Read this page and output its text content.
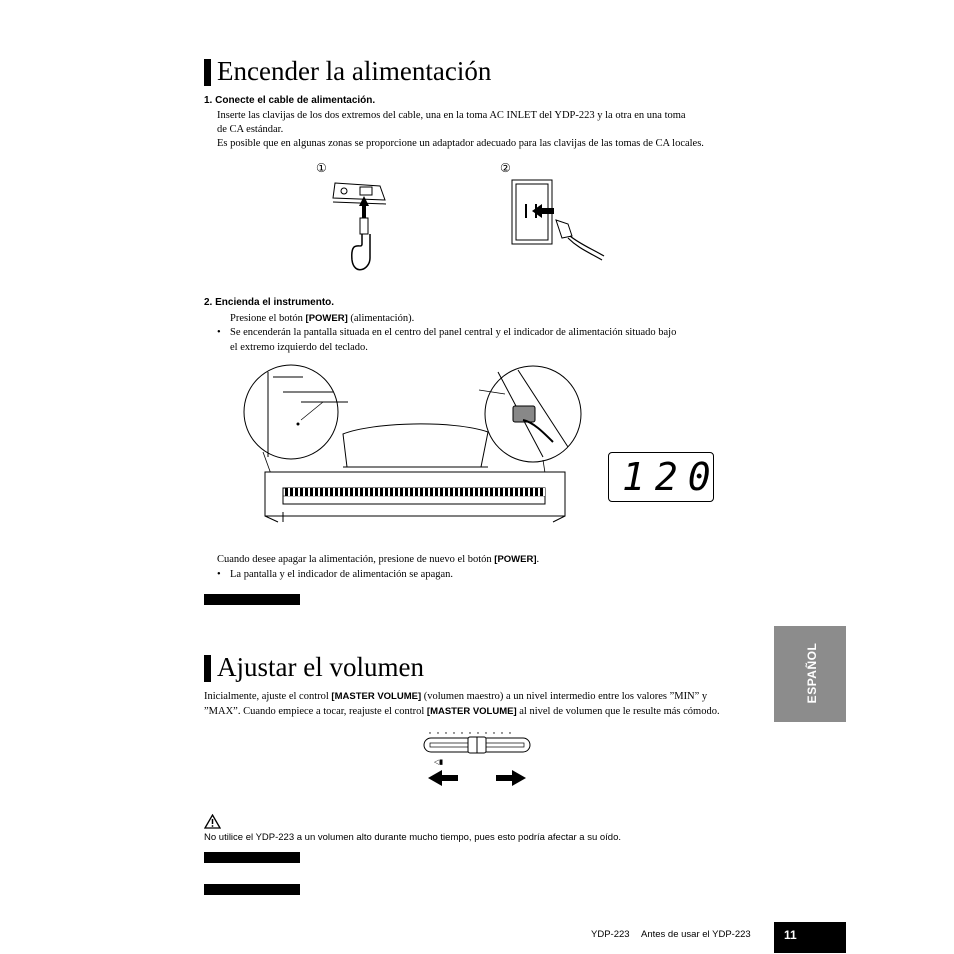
Encender la alimentación
1. Conecte el cable de alimentación.
Inserte las clavijas de los dos extremos del cable, una en la toma AC INLET del YDP-223 y la otra en una toma
de CA estándar.
Es posible que en algunas zonas se proporcione un adaptador adecuado para las clavijas de las tomas de CA locales.
①	②
2. Encienda el instrumento.
Presione el botón [POWER] (alimentación).
• Se encenderán la pantalla situada en el centro del panel central y el indicador de alimentación situado bajo
el extremo izquierdo del teclado.
120
Cuando desee apagar la alimentación, presione de nuevo el botón [POWER].
• La pantalla y el indicador de alimentación se apagan.
Ajustar el volumen
Inicialmente, ajuste el control [MASTER VOLUME] (volumen maestro) a un nivel intermedio entre los valores ”MIN” y
”MAX”. Cuando empiece a tocar, reajuste el control [MASTER VOLUME] al nivel de volumen que le resulte más cómodo.
◁▮
No utilice el YDP-223 a un volumen alto durante mucho tiempo, pues esto podría afectar a su oído.
ESPAÑOL
YDP-223 Antes de usar el YDP-223	11
